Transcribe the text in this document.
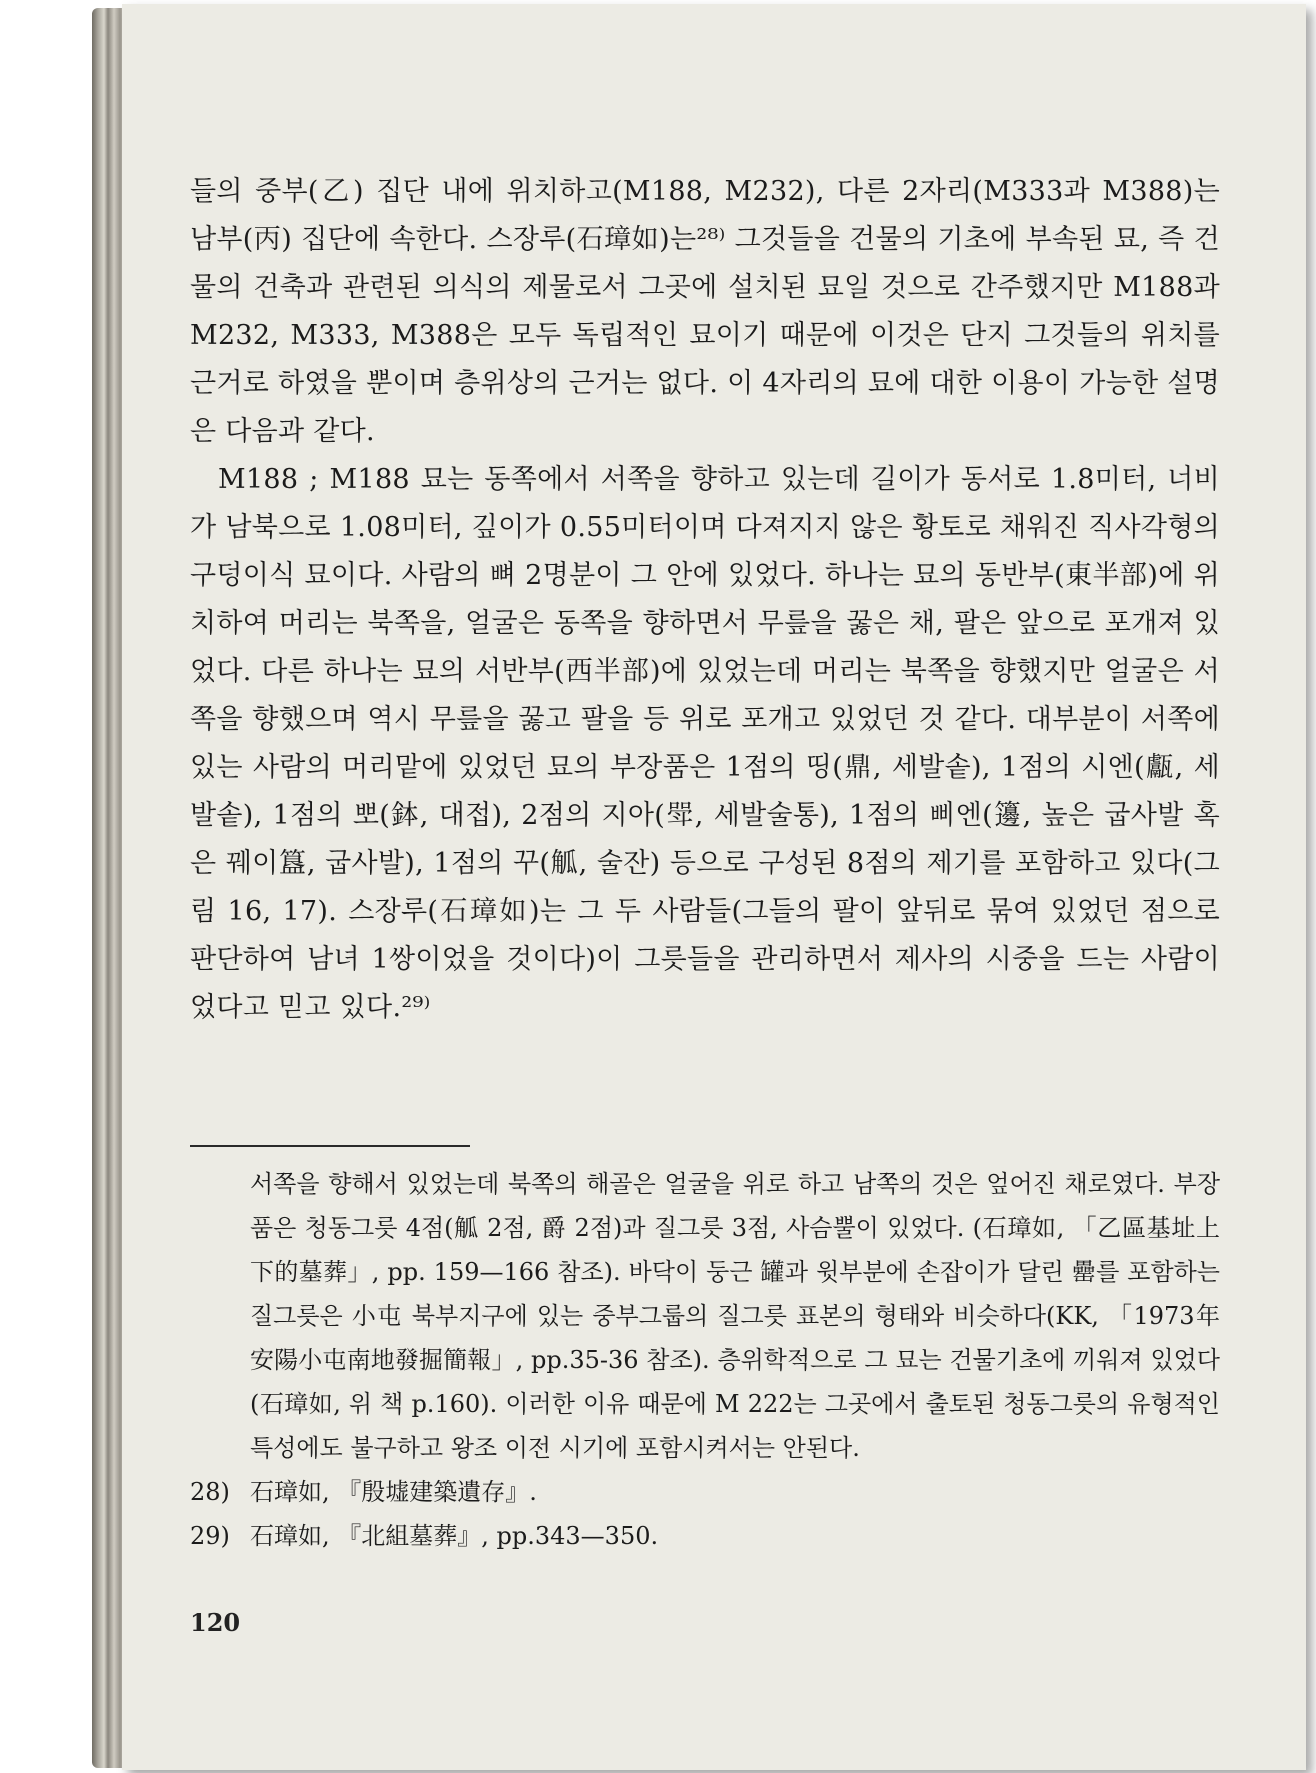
들의 중부(乙) 집단 내에 위치하고(M188, M232), 다른 2자리(M333과 M388)는 남부(丙) 집단에 속한다. 스장루(石璋如)는²⁸⁾ 그것들을 건물의 기초에 부속된 묘, 즉 건물의 건축과 관련된 의식의 제물로서 그곳에 설치된 묘일 것으로 간주했지만 M188과 M232, M333, M388은 모두 독립적인 묘이기 때문에 이것은 단지 그것들의 위치를 근거로 하였을 뿐이며 층위상의 근거는 없다. 이 4자리의 묘에 대한 이용이 가능한 설명은 다음과 같다.

M188 ; M188 묘는 동쪽에서 서쪽을 향하고 있는데 길이가 동서로 1.8미터, 너비가 남북으로 1.08미터, 깊이가 0.55미터이며 다져지지 않은 황토로 채워진 직사각형의 구덩이식 묘이다. 사람의 뼈 2명분이 그 안에 있었다. 하나는 묘의 동반부(東半部)에 위치하여 머리는 북쪽을, 얼굴은 동쪽을 향하면서 무릎을 꿇은 채, 팔은 앞으로 포개져 있었다. 다른 하나는 묘의 서반부(西半部)에 있었는데 머리는 북쪽을 향했지만 얼굴은 서쪽을 향했으며 역시 무릎을 꿇고 팔을 등 위로 포개고 있었던 것 같다. 대부분이 서쪽에 있는 사람의 머리맡에 있었던 묘의 부장품은 1점의 띵(鼎, 세발솥), 1점의 시엔(甗, 세발솥), 1점의 뽀(鉢, 대접), 2점의 지아(斝, 세발술통), 1점의 삐엔(籩, 높은 굽사발 혹은 꿰이簋, 굽사발), 1점의 꾸(觚, 술잔) 등으로 구성된 8점의 제기를 포함하고 있다(그림 16, 17). 스장루(石璋如)는 그 두 사람들(그들의 팔이 앞뒤로 묶여 있었던 점으로 판단하여 남녀 1쌍이었을 것이다)이 그릇들을 관리하면서 제사의 시중을 드는 사람이었다고 믿고 있다.²⁹⁾

서쪽을 향해서 있었는데 북쪽의 해골은 얼굴을 위로 하고 남쪽의 것은 엎어진 채로였다. 부장품은 청동그릇 4점(觚 2점, 爵 2점)과 질그릇 3점, 사슴뿔이 있었다. (石璋如, 「乙區基址上下的墓葬」, pp. 159—166 참조). 바닥이 둥근 罐과 윗부분에 손잡이가 달린 罍를 포함하는 질그릇은 小屯 북부지구에 있는 중부그룹의 질그릇 표본의 형태와 비슷하다(KK, 「1973年安陽小屯南地發掘簡報」, pp.35-36 참조). 층위학적으로 그 묘는 건물기초에 끼워져 있었다(石璋如, 위 책 p.160). 이러한 이유 때문에 M 222는 그곳에서 출토된 청동그릇의 유형적인 특성에도 불구하고 왕조 이전 시기에 포함시켜서는 안된다.

28) 石璋如, 『殷墟建築遺存』.

29) 石璋如, 『北組墓葬』, pp.343—350.

120
